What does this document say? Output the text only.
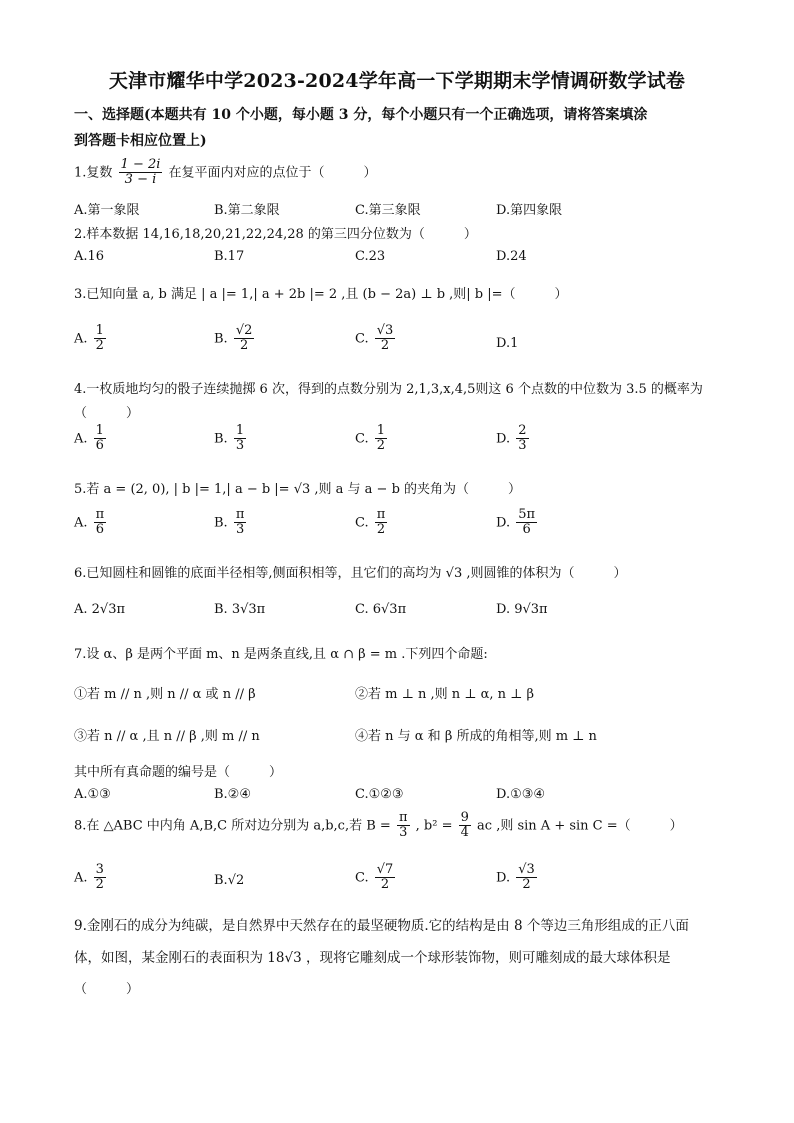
天津市耀华中学2023-2024学年高一下学期期末学情调研数学试卷
一、选择题(本题共有 10 个小题，每小题 3 分，每个小题只有一个正确选项，请将答案填涂
到答题卡相应位置上)
1.复数 $\frac{1 - 2i}{3 - i}$ 在复平面内对应的点位于（　　　）
A.第一象限	B.第二象限	C.第三象限	D.第四象限
2.样本数据 14,16,18,20,21,22,24,28 的第三四分位数为（　　　）
A.16	B.17	C.23	D.24
3.已知向量 a, b 满足 | a |= 1,| a + 2b |= 2 ,且 (b − 2a) ⊥ b ,则| b |=（　　　）
A. $\frac{1}{2}$	B. $\frac{√2}{2}$	C. $\frac{√3}{2}$	D.1
4.一枚质地均匀的骰子连续抛掷 6 次，得到的点数分别为 2,1,3,x,4,5则这 6 个点数的中位数为 3.5 的概率为
（　　　）
A. $\frac{1}{6}$	B. $\frac{1}{3}$	C. $\frac{1}{2}$	D. $\frac{2}{3}$
5.若 a = (2, 0), | b |= 1,| a − b |= √3 ,则 a 与 a − b 的夹角为（　　　）
A. $\frac{\pi}{6}$	B. $\frac{\pi}{3}$	C. $\frac{\pi}{2}$	D. $\frac{5\pi}{6}$
6.已知圆柱和圆锥的底面半径相等,侧面积相等，且它们的高均为 √3 ,则圆锥的体积为（　　　）
A. 2√3π	B. 3√3π	C. 6√3π	D. 9√3π
7.设 α、β 是两个平面 m、n 是两条直线,且 α ∩ β = m .下列四个命题:
①若 m // n ,则 n // α 或 n // β	②若 m ⊥ n ,则 n ⊥ α, n ⊥ β
③若 n // α ,且 n // β ,则 m // n	④若 n 与 α 和 β 所成的角相等,则 m ⊥ n
其中所有真命题的编号是（　　　）
A.①③	B.②④	C.①②③	D.①③④
8.在 △ABC 中内角 A,B,C 所对边分别为 a,b,c,若 $B = \frac{\pi}{3}$ , $b^2 = \frac{9}{4}$ ac ,则 sin A + sin C =（　　　）
A. $\frac{3}{2}$	B.√2	C. $\frac{√7}{2}$	D. $\frac{√3}{2}$
9.金刚石的成分为纯碳，是自然界中天然存在的最坚硬物质.它的结构是由 8 个等边三角形组成的正八面
体，如图，某金刚石的表面积为 18√3 ，现将它雕刻成一个球形装饰物，则可雕刻成的最大球体积是
（　　　）
